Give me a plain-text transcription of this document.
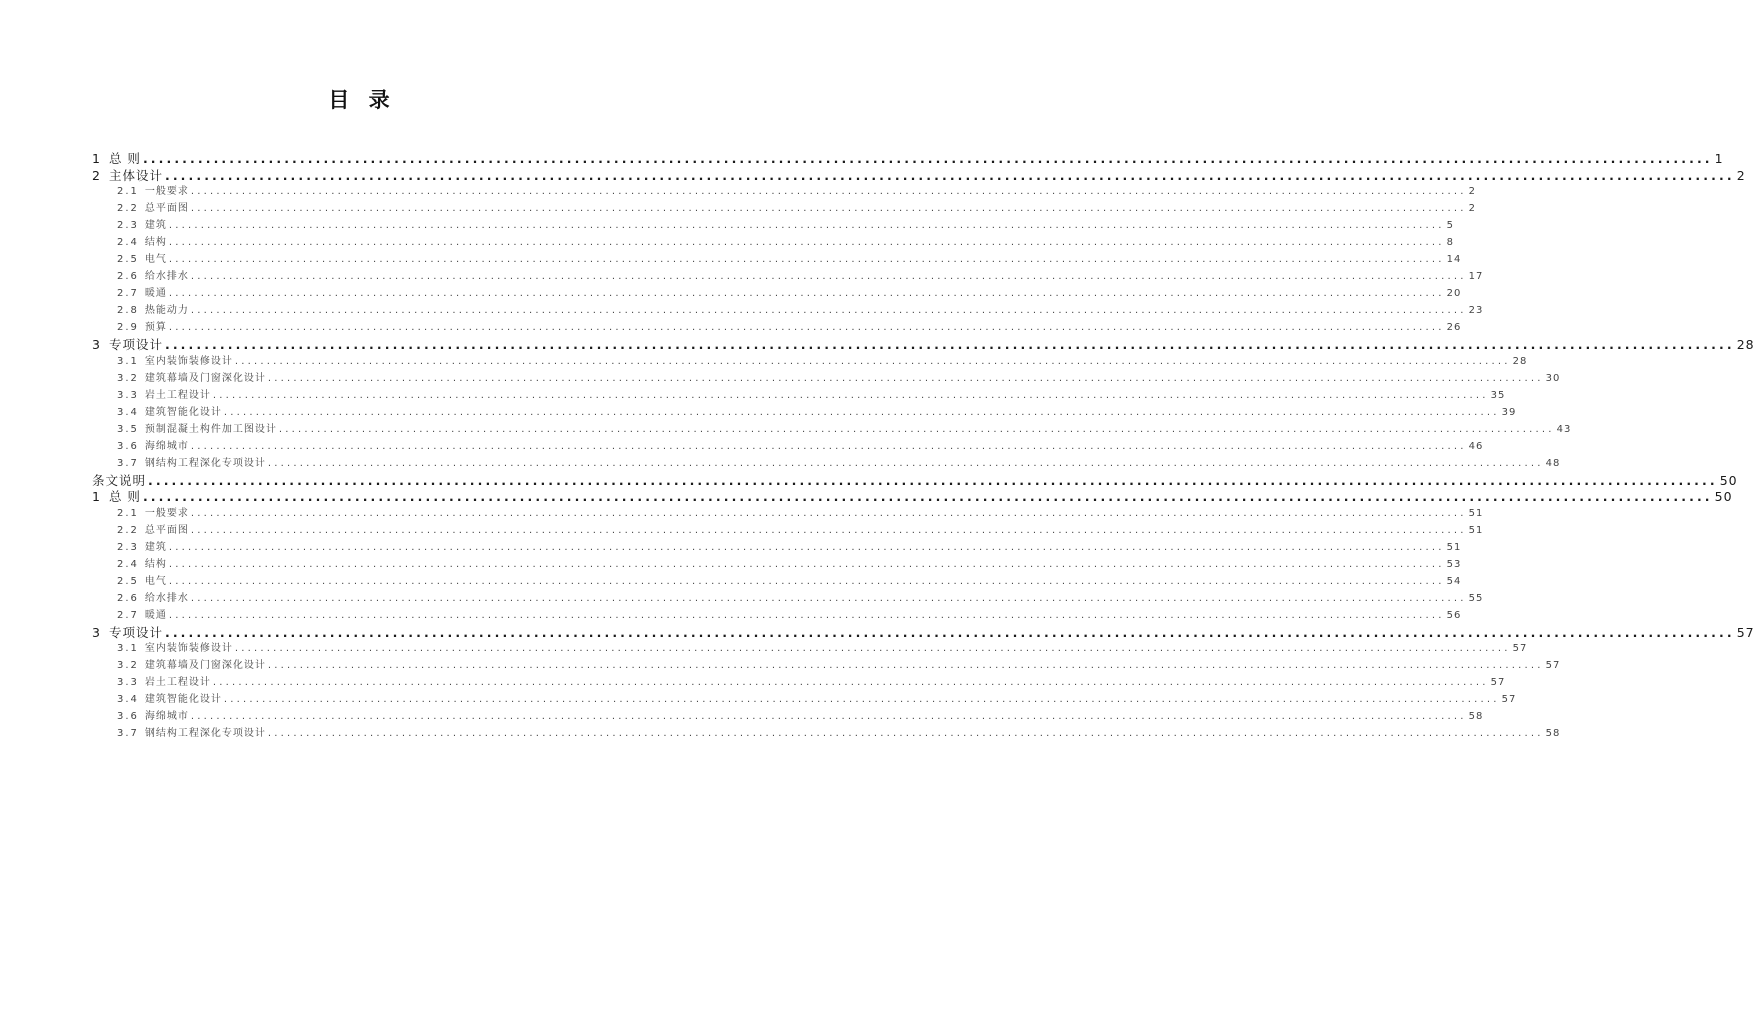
目 录
1 总 则 ........................................................................................................................................................................................................ 1
2 主体设计 ........................................................................................................................................................................................................ 2
2.1 一般要求 ........................................................................................................................................................................................................ 2
2.2 总平面图 ........................................................................................................................................................................................................ 2
2.3 建筑 ........................................................................................................................................................................................................ 5
2.4 结构 ........................................................................................................................................................................................................ 8
2.5 电气 ........................................................................................................................................................................................................ 14
2.6 给水排水 ........................................................................................................................................................................................................ 17
2.7 暖通 ........................................................................................................................................................................................................ 20
2.8 热能动力 ........................................................................................................................................................................................................ 23
2.9 预算 ........................................................................................................................................................................................................ 26
3 专项设计 ........................................................................................................................................................................................................ 28
3.1 室内装饰装修设计 ........................................................................................................................................................................................................ 28
3.2 建筑幕墙及门窗深化设计 ........................................................................................................................................................................................................ 30
3.3 岩土工程设计 ........................................................................................................................................................................................................ 35
3.4 建筑智能化设计 ........................................................................................................................................................................................................ 39
3.5 预制混凝土构件加工图设计 ........................................................................................................................................................................................................ 43
3.6 海绵城市 ........................................................................................................................................................................................................ 46
3.7 钢结构工程深化专项设计 ........................................................................................................................................................................................................ 48
条文说明 ........................................................................................................................................................................................................ 50
1 总 则 ........................................................................................................................................................................................................ 50
2.1 一般要求 ........................................................................................................................................................................................................ 51
2.2 总平面图 ........................................................................................................................................................................................................ 51
2.3 建筑 ........................................................................................................................................................................................................ 51
2.4 结构 ........................................................................................................................................................................................................ 53
2.5 电气 ........................................................................................................................................................................................................ 54
2.6 给水排水 ........................................................................................................................................................................................................ 55
2.7 暖通 ........................................................................................................................................................................................................ 56
3 专项设计 ........................................................................................................................................................................................................ 57
3.1 室内装饰装修设计 ........................................................................................................................................................................................................ 57
3.2 建筑幕墙及门窗深化设计 ........................................................................................................................................................................................................ 57
3.3 岩土工程设计 ........................................................................................................................................................................................................ 57
3.4 建筑智能化设计 ........................................................................................................................................................................................................ 57
3.6 海绵城市 ........................................................................................................................................................................................................ 58
3.7 钢结构工程深化专项设计 ........................................................................................................................................................................................................ 58
